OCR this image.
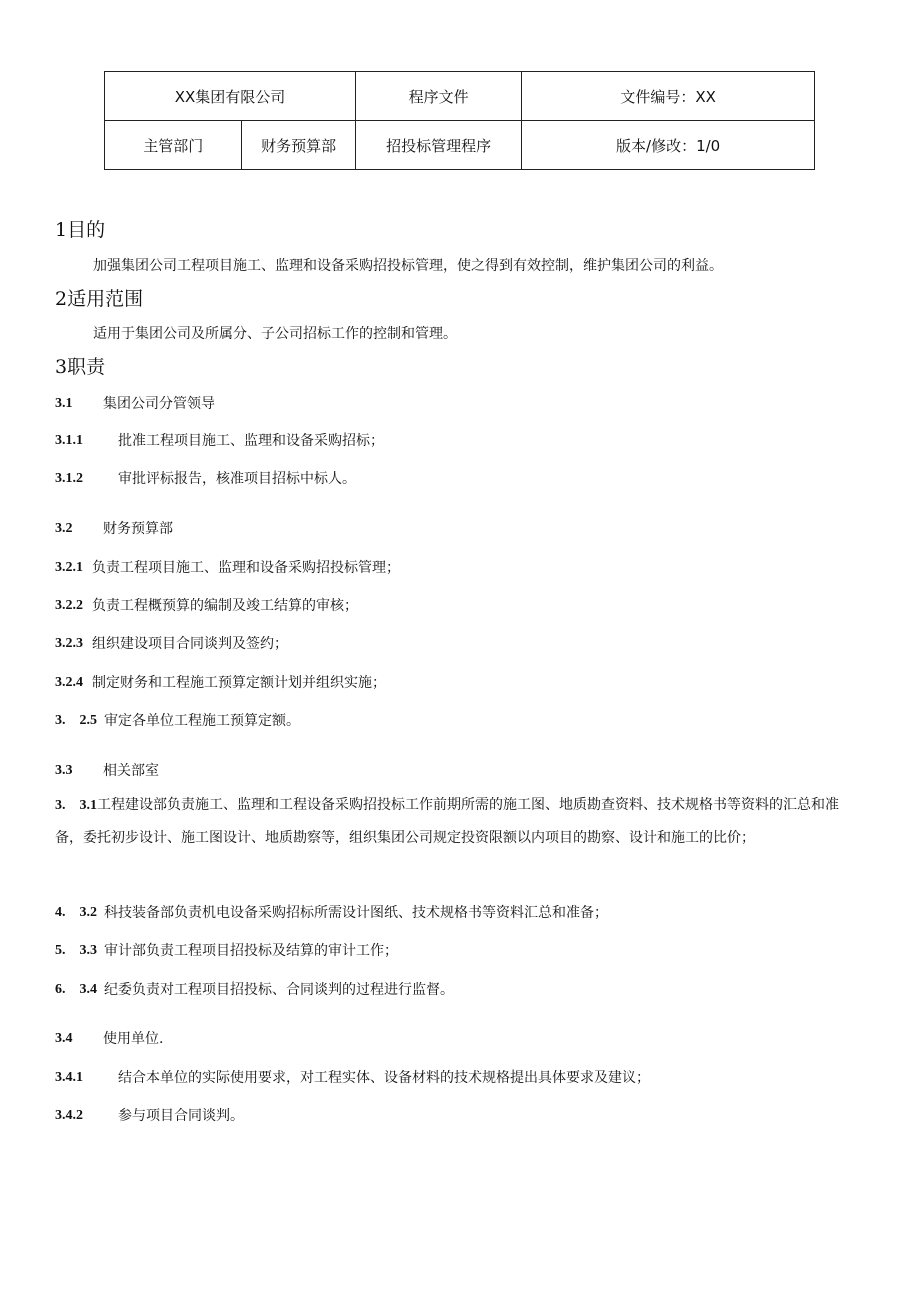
XX集团有限公司		程序文件	文件编号：XX
主管部门	财务预算部	招投标管理程序	版本/修改：1/0
1目的
加强集团公司工程项目施工、监理和设备采购招投标管理，使之得到有效控制，维护集团公司的利益。
2适用范围
适用于集团公司及所属分、子公司招标工作的控制和管理。
3职责
3.1 集团公司分管领导
3.1.1	批准工程项目施工、监理和设备采购招标；
3.1.2	审批评标报告，核准项目招标中标人。
3.2 财务预算部
3.2.1 负责工程项目施工、监理和设备采购招投标管理；
3.2.2 负责工程概预算的编制及竣工结算的审核；
3.2.3 组织建设项目合同谈判及签约；
3.2.4 制定财务和工程施工预算定额计划并组织实施；
3.　2.5 审定各单位工程施工预算定额。
3.3 相关部室
3.　3.1工程建设部负责施工、监理和工程设备采购招投标工作前期所需的施工图、地质勘查资料、技术规格书等资料的汇总和准备，委托初步设计、施工图设计、地质勘察等，组织集团公司规定投资限额以内项目的勘察、设计和施工的比价；
4.　3.2 科技装备部负责机电设备采购招标所需设计图纸、技术规格书等资料汇总和准备；
5.　3.3 审计部负责工程项目招投标及结算的审计工作；
6.　3.4 纪委负责对工程项目招投标、合同谈判的过程进行监督。
3.4 使用单位.
3.4.1	结合本单位的实际使用要求，对工程实体、设备材料的技术规格提出具体要求及建议；
3.4.2	参与项目合同谈判。
